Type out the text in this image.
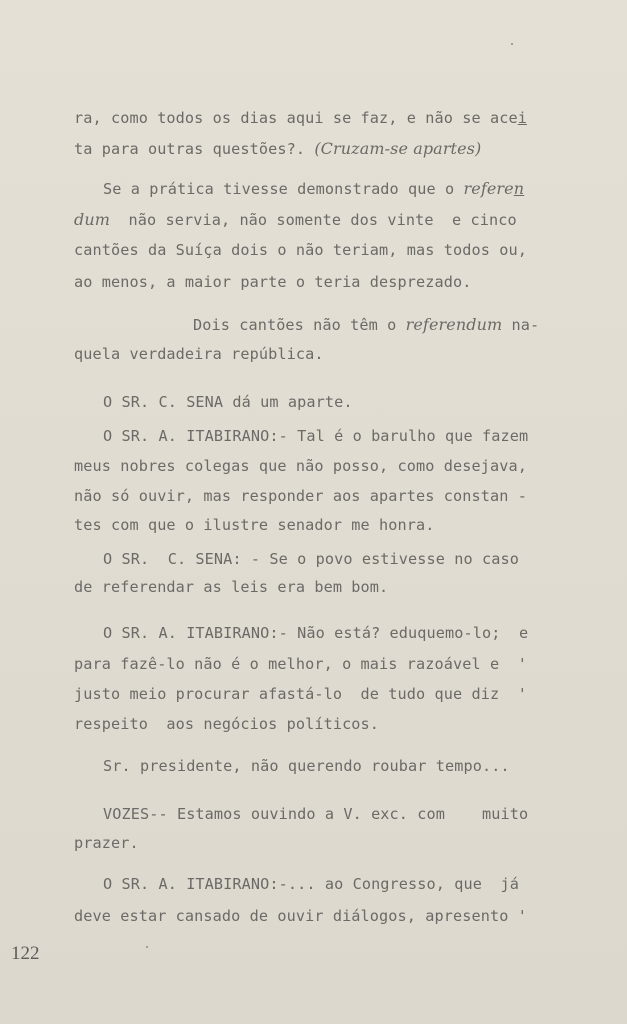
ra, como todos os dias aqui se faz, e não se acei
ta para outras questões?. (Cruzam-se apartes)
Se a prática tivesse demonstrado que o referen
dum  não servia, não somente dos vinte  e cinco
cantões da Suíça dois o não teriam, mas todos ou,
ao menos, a maior parte o teria desprezado.
Dois cantões não têm o referendum na-
quela verdadeira república.
O SR. C. SENA dá um aparte.
O SR. A. ITABIRANO:- Tal é o barulho que fazem
meus nobres colegas que não posso, como desejava,
não só ouvir, mas responder aos apartes constan -
tes com que o ilustre senador me honra.
O SR.  C. SENA: - Se o povo estivesse no caso
de referendar as leis era bem bom.
O SR. A. ITABIRANO:- Não está? eduquemo-lo;  e
para fazê-lo não é o melhor, o mais razoável e  '
justo meio procurar afastá-lo  de tudo que diz  '
respeito  aos negócios políticos.
Sr. presidente, não querendo roubar tempo...
VOZES-- Estamos ouvindo a V. exc. com    muito
prazer.
O SR. A. ITABIRANO:-... ao Congresso, que  já
deve estar cansado de ouvir diálogos, apresento '
122
